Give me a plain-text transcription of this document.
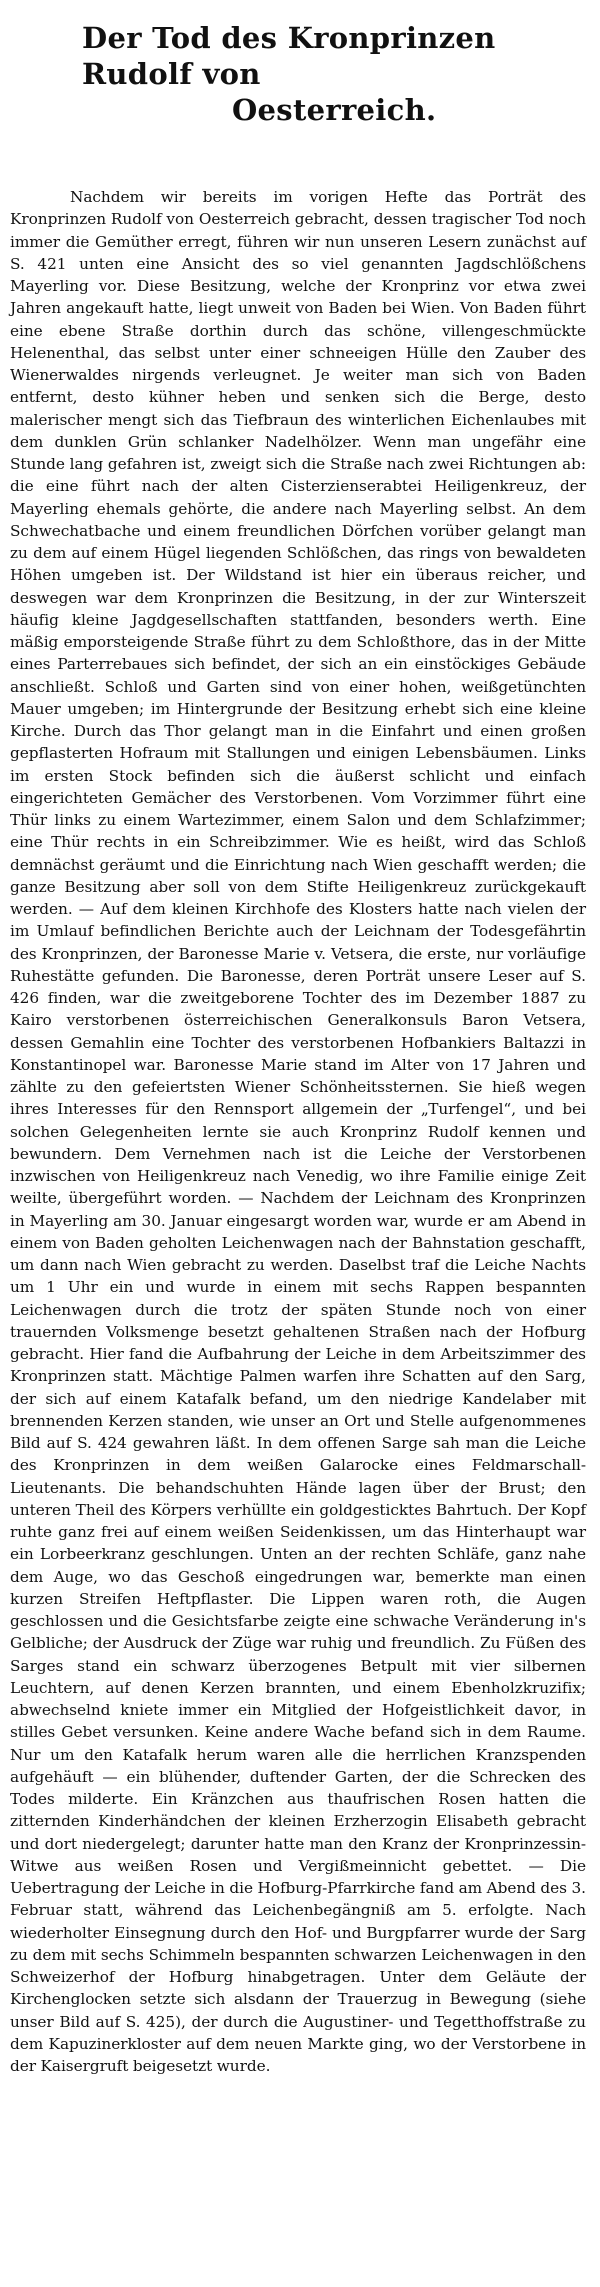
Der Tod des Kronprinzen Rudolf von
Oesterreich.

Nachdem wir bereits im vorigen Hefte das Porträt des Kronprinzen Rudolf von Oesterreich gebracht, dessen tragischer Tod noch immer die Gemüther erregt, führen wir nun unseren Lesern zunächst auf S. 421 unten eine Ansicht des so viel genannten Jagdschlößchens Mayerling vor. Diese Besitzung, welche der Kronprinz vor etwa zwei Jahren angekauft hatte, liegt unweit von Baden bei Wien. Von Baden führt eine ebene Straße dorthin durch das schöne, villengeschmückte Helenenthal, das selbst unter einer schneeigen Hülle den Zauber des Wienerwaldes nirgends verleugnet. Je weiter man sich von Baden entfernt, desto kühner heben und senken sich die Berge, desto malerischer mengt sich das Tiefbraun des winterlichen Eichenlaubes mit dem dunklen Grün schlanker Nadelhölzer. Wenn man ungefähr eine Stunde lang gefahren ist, zweigt sich die Straße nach zwei Richtungen ab: die eine führt nach der alten Cisterzienserabtei Heiligenkreuz, der Mayerling ehemals gehörte, die andere nach Mayerling selbst. An dem Schwechatbache und einem freundlichen Dörfchen vorüber gelangt man zu dem auf einem Hügel liegenden Schlößchen, das rings von bewaldeten Höhen umgeben ist. Der Wildstand ist hier ein überaus reicher, und deswegen war dem Kronprinzen die Besitzung, in der zur Winterszeit häufig kleine Jagdgesellschaften stattfanden, besonders werth. Eine mäßig emporsteigende Straße führt zu dem Schloßthore, das in der Mitte eines Parterrebaues sich befindet, der sich an ein einstöckiges Gebäude anschließt. Schloß und Garten sind von einer hohen, weißgetünchten Mauer umgeben; im Hintergrunde der Besitzung erhebt sich eine kleine Kirche. Durch das Thor gelangt man in die Einfahrt und einen großen gepflasterten Hofraum mit Stallungen und einigen Lebensbäumen. Links im ersten Stock befinden sich die äußerst schlicht und einfach eingerichteten Gemächer des Verstorbenen. Vom Vorzimmer führt eine Thür links zu einem Wartezimmer, einem Salon und dem Schlafzimmer; eine Thür rechts in ein Schreibzimmer. Wie es heißt, wird das Schloß demnächst geräumt und die Einrichtung nach Wien geschafft werden; die ganze Besitzung aber soll von dem Stifte Heiligenkreuz zurückgekauft werden. — Auf dem kleinen Kirchhofe des Klosters hatte nach vielen der im Umlauf befindlichen Berichte auch der Leichnam der Todesgefährtin des Kronprinzen, der Baronesse Marie v. Vetsera, die erste, nur vorläufige Ruhestätte gefunden. Die Baronesse, deren Porträt unsere Leser auf S. 426 finden, war die zweitgeborene Tochter des im Dezember 1887 zu Kairo verstorbenen österreichischen Generalkonsuls Baron Vetsera, dessen Gemahlin eine Tochter des verstorbenen Hofbankiers Baltazzi in Konstantinopel war. Baronesse Marie stand im Alter von 17 Jahren und zählte zu den gefeiertsten Wiener Schönheitssternen. Sie hieß wegen ihres Interesses für den Rennsport allgemein der „Turfengel“, und bei solchen Gelegenheiten lernte sie auch Kronprinz Rudolf kennen und bewundern. Dem Vernehmen nach ist die Leiche der Verstorbenen inzwischen von Heiligenkreuz nach Venedig, wo ihre Familie einige Zeit weilte, übergeführt worden. — Nachdem der Leichnam des Kronprinzen in Mayerling am 30. Januar eingesargt worden war, wurde er am Abend in einem von Baden geholten Leichenwagen nach der Bahnstation geschafft, um dann nach Wien gebracht zu werden. Daselbst traf die Leiche Nachts um 1 Uhr ein und wurde in einem mit sechs Rappen bespannten Leichenwagen durch die trotz der späten Stunde noch von einer trauernden Volksmenge besetzt gehaltenen Straßen nach der Hofburg gebracht. Hier fand die Aufbahrung der Leiche in dem Arbeitszimmer des Kronprinzen statt. Mächtige Palmen warfen ihre Schatten auf den Sarg, der sich auf einem Katafalk befand, um den niedrige Kandelaber mit brennenden Kerzen standen, wie unser an Ort und Stelle aufgenommenes Bild auf S. 424 gewahren läßt. In dem offenen Sarge sah man die Leiche des Kronprinzen in dem weißen Galarocke eines Feldmarschall-Lieutenants. Die behandschuhten Hände lagen über der Brust; den unteren Theil des Körpers verhüllte ein goldgesticktes Bahrtuch. Der Kopf ruhte ganz frei auf einem weißen Seidenkissen, um das Hinterhaupt war ein Lorbeerkranz geschlungen. Unten an der rechten Schläfe, ganz nahe dem Auge, wo das Geschoß eingedrungen war, bemerkte man einen kurzen Streifen Heftpflaster. Die Lippen waren roth, die Augen geschlossen und die Gesichtsfarbe zeigte eine schwache Veränderung in's Gelbliche; der Ausdruck der Züge war ruhig und freundlich. Zu Füßen des Sarges stand ein schwarz überzogenes Betpult mit vier silbernen Leuchtern, auf denen Kerzen brannten, und einem Ebenholzkruzifix; abwechselnd kniete immer ein Mitglied der Hofgeistlichkeit davor, in stilles Gebet versunken. Keine andere Wache befand sich in dem Raume. Nur um den Katafalk herum waren alle die herrlichen Kranzspenden aufgehäuft — ein blühender, duftender Garten, der die Schrecken des Todes milderte. Ein Kränzchen aus thaufrischen Rosen hatten die zitternden Kinderhändchen der kleinen Erzherzogin Elisabeth gebracht und dort niedergelegt; darunter hatte man den Kranz der Kronprinzessin-Witwe aus weißen Rosen und Vergißmeinnicht gebettet. — Die Uebertragung der Leiche in die Hofburg-Pfarrkirche fand am Abend des 3. Februar statt, während das Leichenbegängniß am 5. erfolgte. Nach wiederholter Einsegnung durch den Hof- und Burgpfarrer wurde der Sarg zu dem mit sechs Schimmeln bespannten schwarzen Leichenwagen in den Schweizerhof der Hofburg hinabgetragen. Unter dem Geläute der Kirchenglocken setzte sich alsdann der Trauerzug in Bewegung (siehe unser Bild auf S. 425), der durch die Augustiner- und Tegetthoffstraße zu dem Kapuzinerkloster auf dem neuen Markte ging, wo der Verstorbene in der Kaisergruft beigesetzt wurde.
